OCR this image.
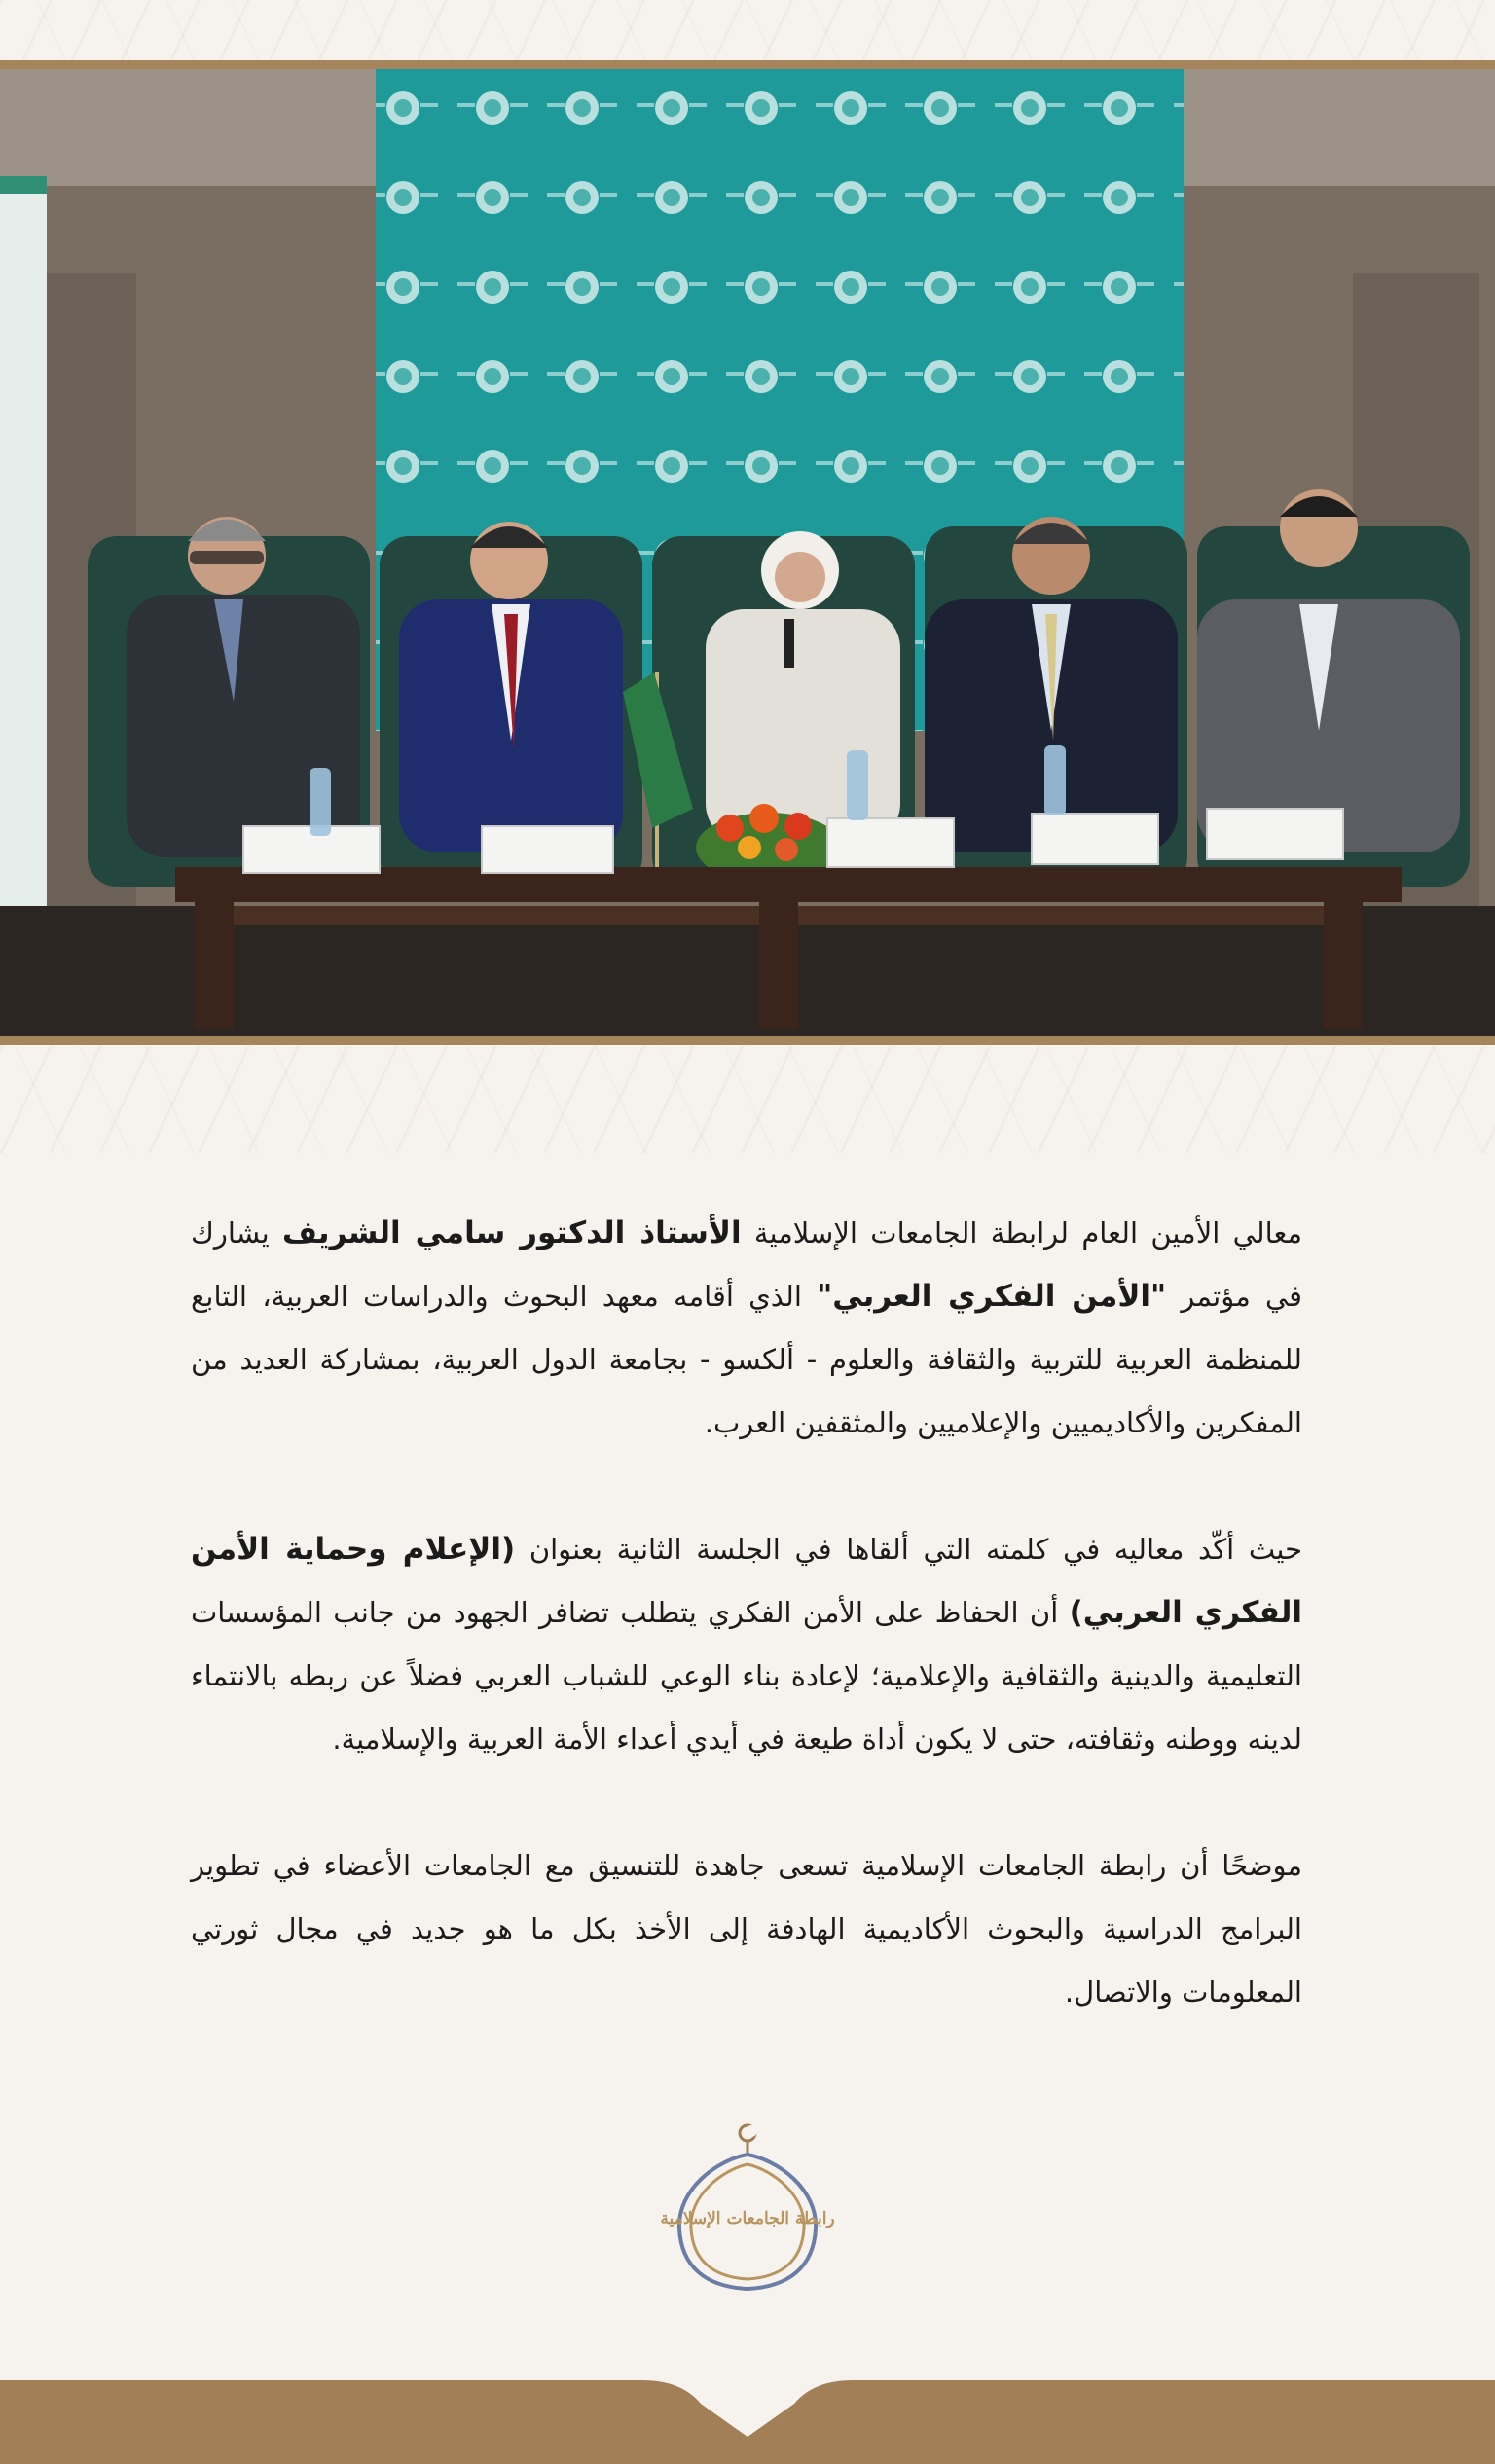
معالي الأمين العام لرابطة الجامعات الإسلامية الأستاذ الدكتور سامي الشريف يشارك في مؤتمر "الأمن الفكري العربي" الذي أقامه معهد البحوث والدراسات العربية، التابع للمنظمة العربية للتربية والثقافة والعلوم - ألكسو - بجامعة الدول العربية، بمشاركة العديد من المفكرين والأكاديميين والإعلاميين والمثقفين العرب.

حيث أكّد معاليه في كلمته التي ألقاها في الجلسة الثانية بعنوان (الإعلام وحماية الأمن الفكري العربي) أن الحفاظ على الأمن الفكري يتطلب تضافر الجهود من جانب المؤسسات التعليمية والدينية والثقافية والإعلامية؛ لإعادة بناء الوعي للشباب العربي فضلاً عن ربطه بالانتماء لدينه ووطنه وثقافته، حتى لا يكون أداة طيعة في أيدي أعداء الأمة العربية والإسلامية.

موضحًا أن رابطة الجامعات الإسلامية تسعى جاهدة للتنسيق مع الجامعات الأعضاء في تطوير البرامج الدراسية والبحوث الأكاديمية الهادفة إلى الأخذ بكل ما هو جديد في مجال ثورتي المعلومات والاتصال.

رابطة الجامعات الإسلامية
